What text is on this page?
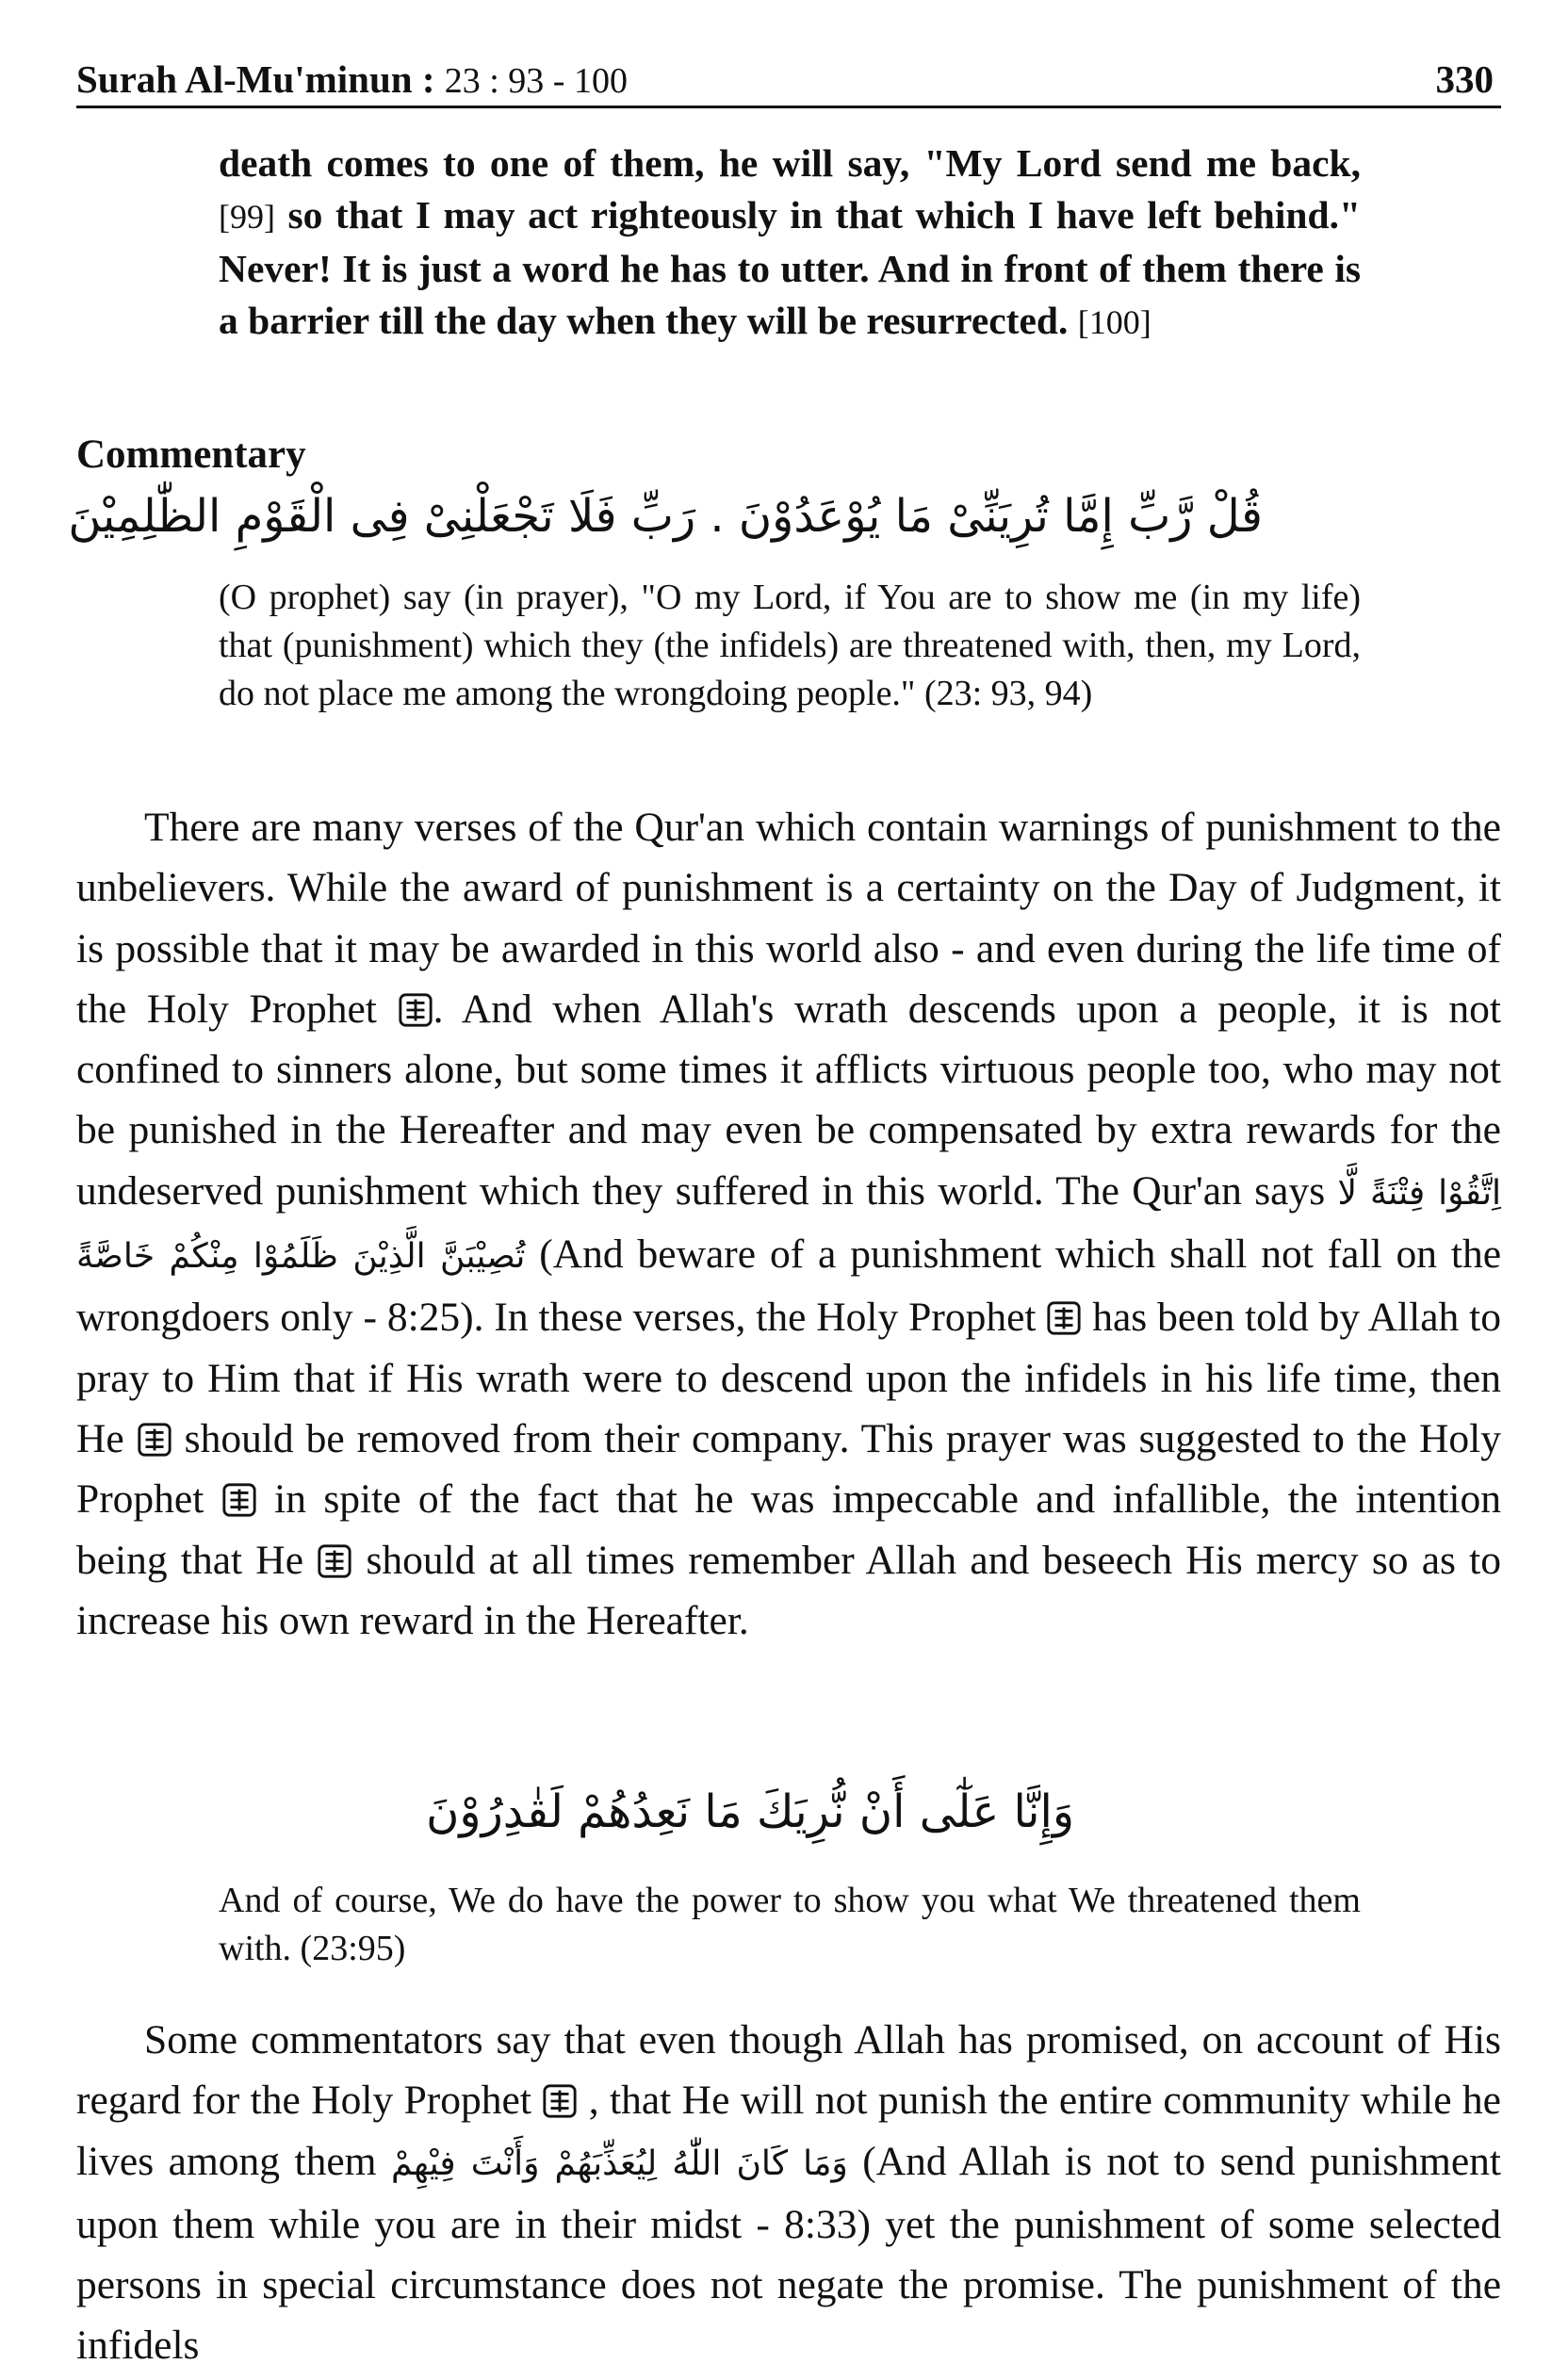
Surah Al-Mu'minun : 23 : 93 - 100	330

death comes to one of them, he will say, "My Lord send me back, [99] so that I may act righteously in that which I have left behind." Never! It is just a word he has to utter. And in front of them there is a barrier till the day when they will be resurrected. [100]

Commentary
قُلْ رَّبِّ إِمَّا تُرِيَنِّىْ مَا يُوْعَدُوْنَ . رَبِّ فَلَا تَجْعَلْنِىْ فِى الْقَوْمِ الظّٰلِمِيْنَ

(O prophet) say (in prayer), "O my Lord, if You are to show me (in my life) that (punishment) which they (the infidels) are threatened with, then, my Lord, do not place me among the wrongdoing people." (23: 93, 94)

There are many verses of the Qur'an which contain warnings of punishment to the unbelievers. While the award of punishment is a certainty on the Day of Judgment, it is possible that it may be awarded in this world also - and even during the life time of the Holy Prophet . And when Allah's wrath descends upon a people, it is not confined to sinners alone, but some times it afflicts virtuous people too, who may not be punished in the Hereafter and may even be compensated by extra rewards for the undeserved punishment which they suffered in this world. The Qur'an says اِتَّقُوْا فِتْنَةً لَّا تُصِيْبَنَّ الَّذِيْنَ ظَلَمُوْا مِنْكُمْ خَاصَّةً (And beware of a punishment which shall not fall on the wrongdoers only - 8:25). In these verses, the Holy Prophet  has been told by Allah to pray to Him that if His wrath were to descend upon the infidels in his life time, then He  should be removed from their company. This prayer was suggested to the Holy Prophet  in spite of the fact that he was impeccable and infallible, the intention being that He  should at all times remember Allah and beseech His mercy so as to increase his own reward in the Hereafter.

وَإِنَّا عَلٰٓى أَنْ نُّرِيَكَ مَا نَعِدُهُمْ لَقٰدِرُوْنَ

And of course, We do have the power to show you what We threatened them with. (23:95)

Some commentators say that even though Allah has promised, on account of His regard for the Holy Prophet  , that He will not punish the entire community while he lives among them وَمَا كَانَ اللّٰهُ لِيُعَذِّبَهُمْ وَأَنْتَ فِيْهِمْ (And Allah is not to send punishment upon them while you are in their midst - 8:33) yet the punishment of some selected persons in special circumstance does not negate the promise. The punishment of the infidels
